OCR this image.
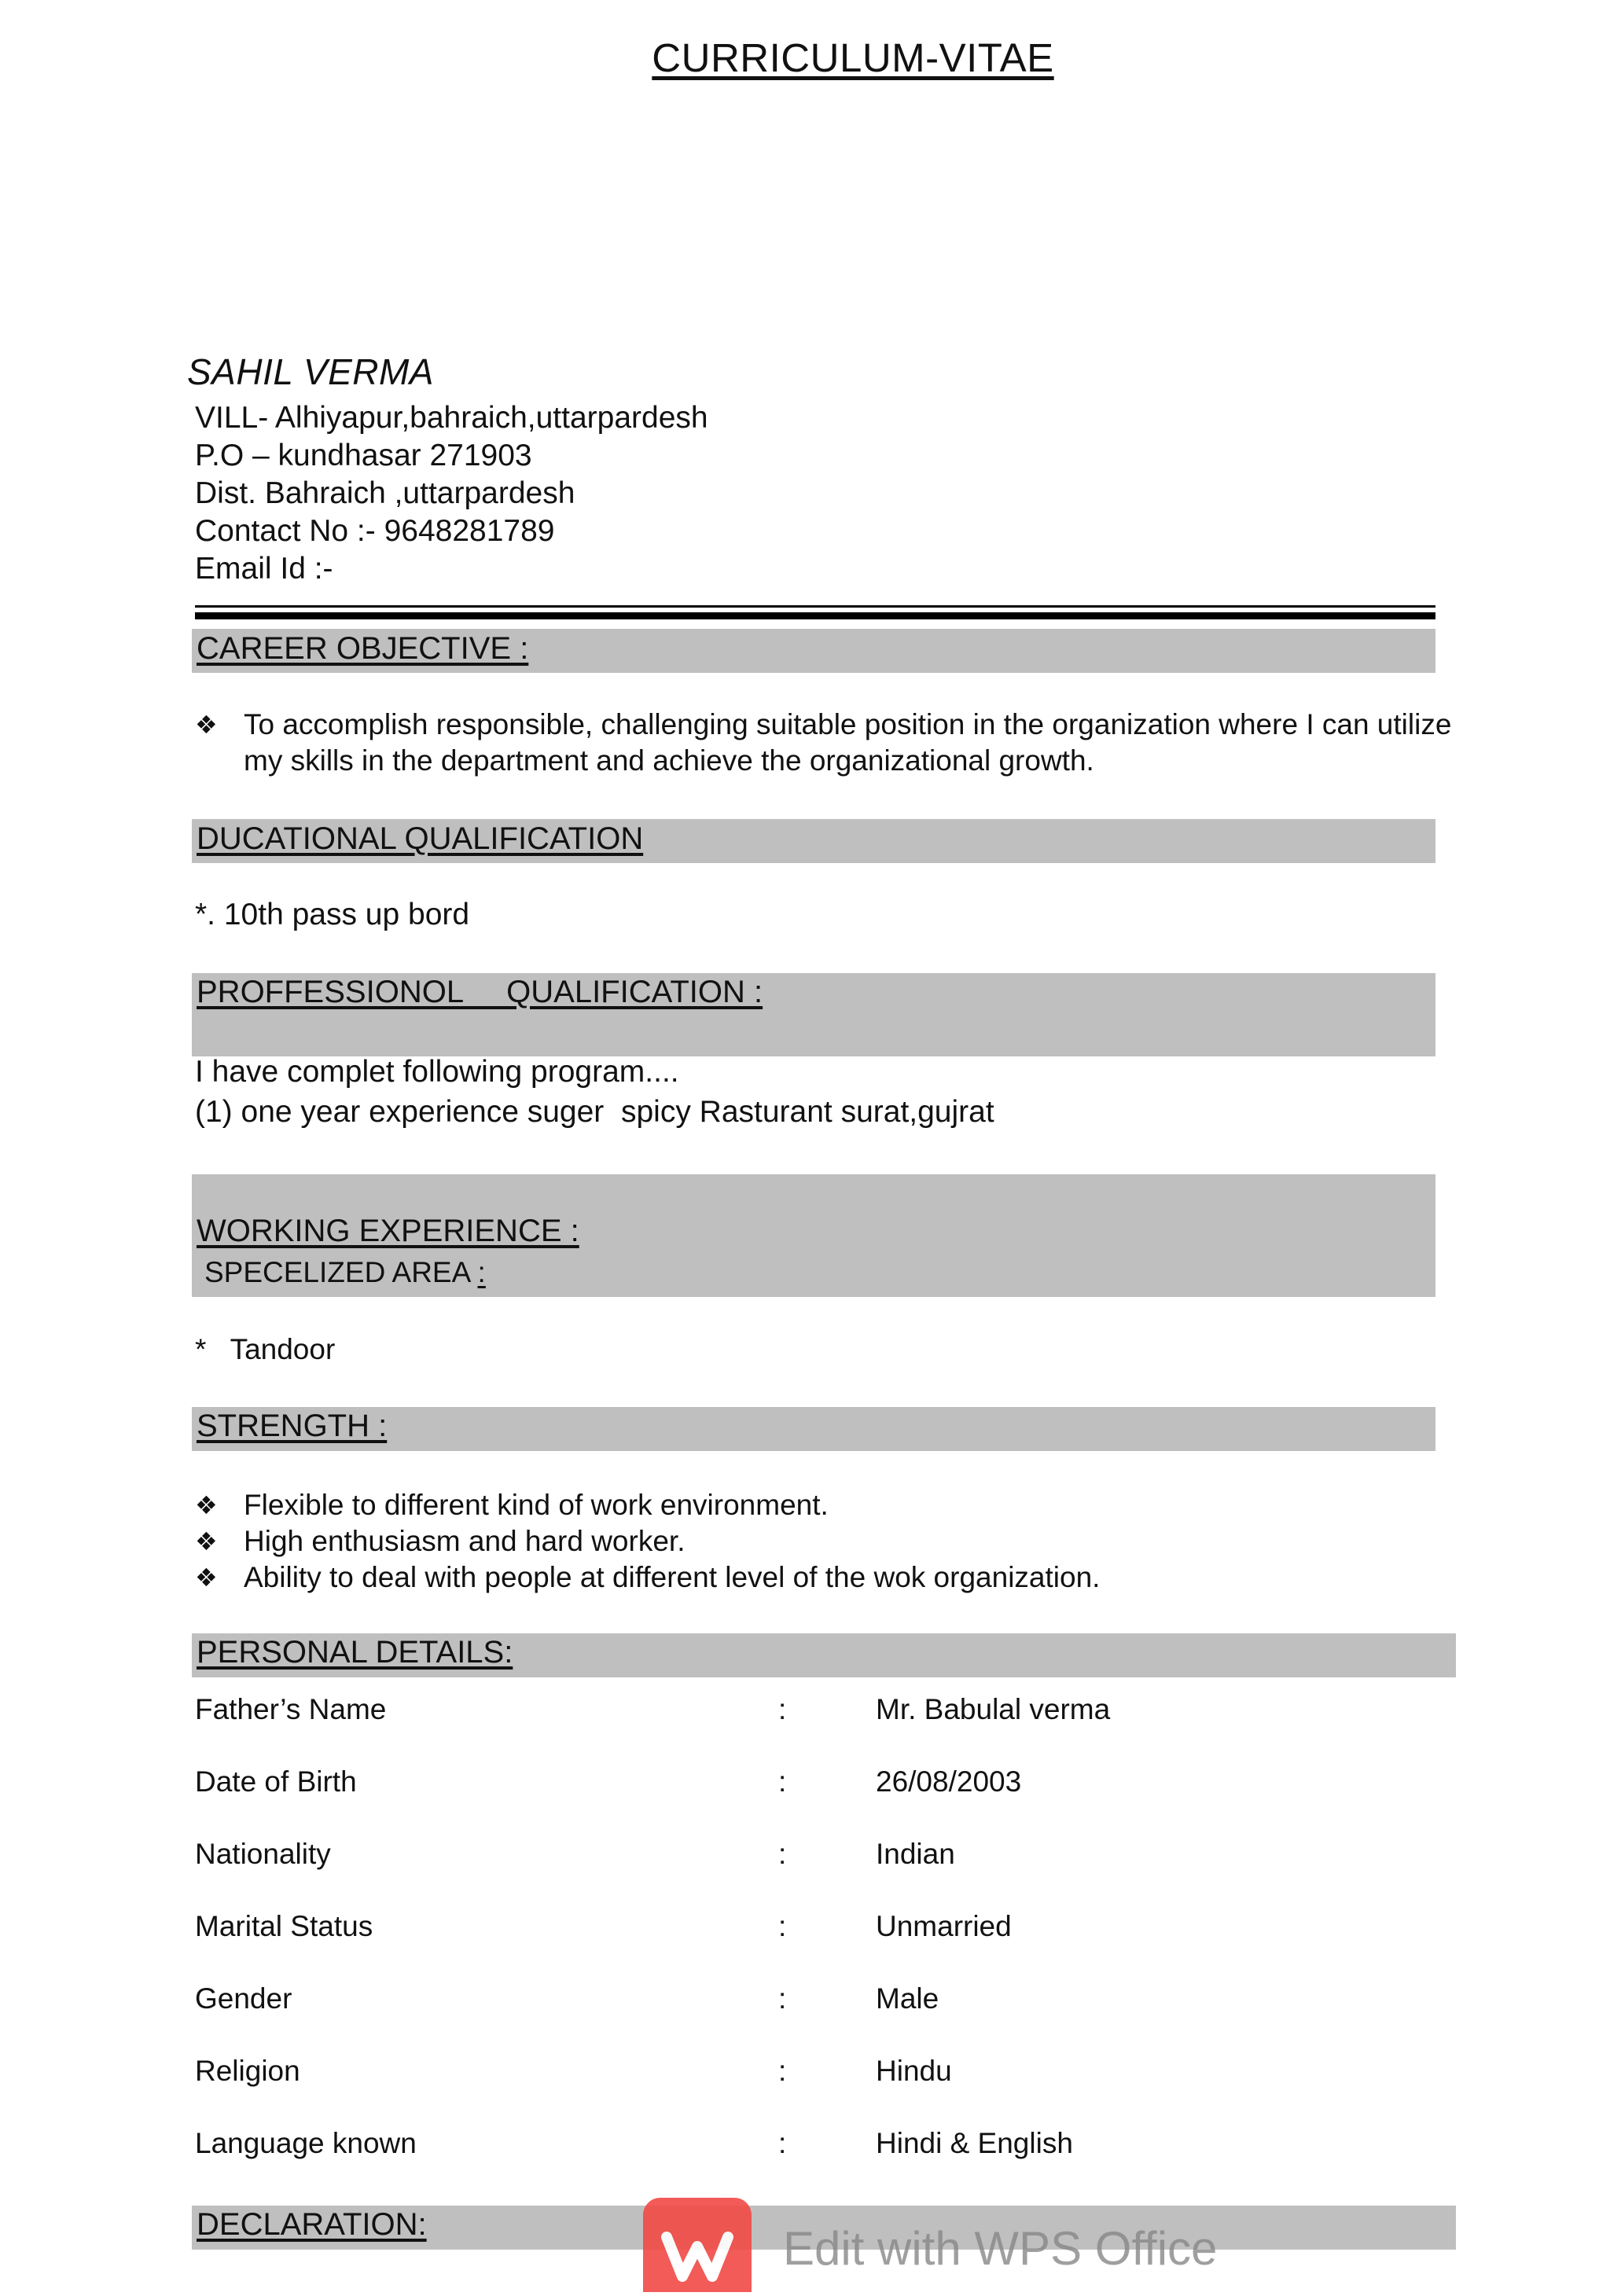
CURRICULUM-VITAE
SAHIL VERMA
VILL- Alhiyapur,bahraich,uttarpardesh
P.O – kundhasar 271903
Dist. Bahraich ,uttarpardesh
Contact No :- 9648281789
Email Id :-
CAREER OBJECTIVE :
❖ To accomplish responsible, challenging suitable position in the organization where I can utilize my skills in the department and achieve the organizational growth.
DUCATIONAL QUALIFICATION
*. 10th pass up bord
PROFFESSIONOL     QUALIFICATION :
I have complet following program....
(1) one year experience suger  spicy Rasturant surat,gujrat
WORKING EXPERIENCE :
SPECELIZED AREA :
*   Tandoor
STRENGTH :
❖ Flexible to different kind of work environment.
❖ High enthusiasm and hard worker.
❖ Ability to deal with people at different level of the wok organization.
PERSONAL DETAILS:
Father’s Name	:	Mr. Babulal verma
Date of Birth	:	26/08/2003
Nationality	:	Indian
Marital Status	:	Unmarried
Gender	:	Male
Religion	:	Hindu
Language known	:	Hindi & English
DECLARATION:	Edit with WPS Office
